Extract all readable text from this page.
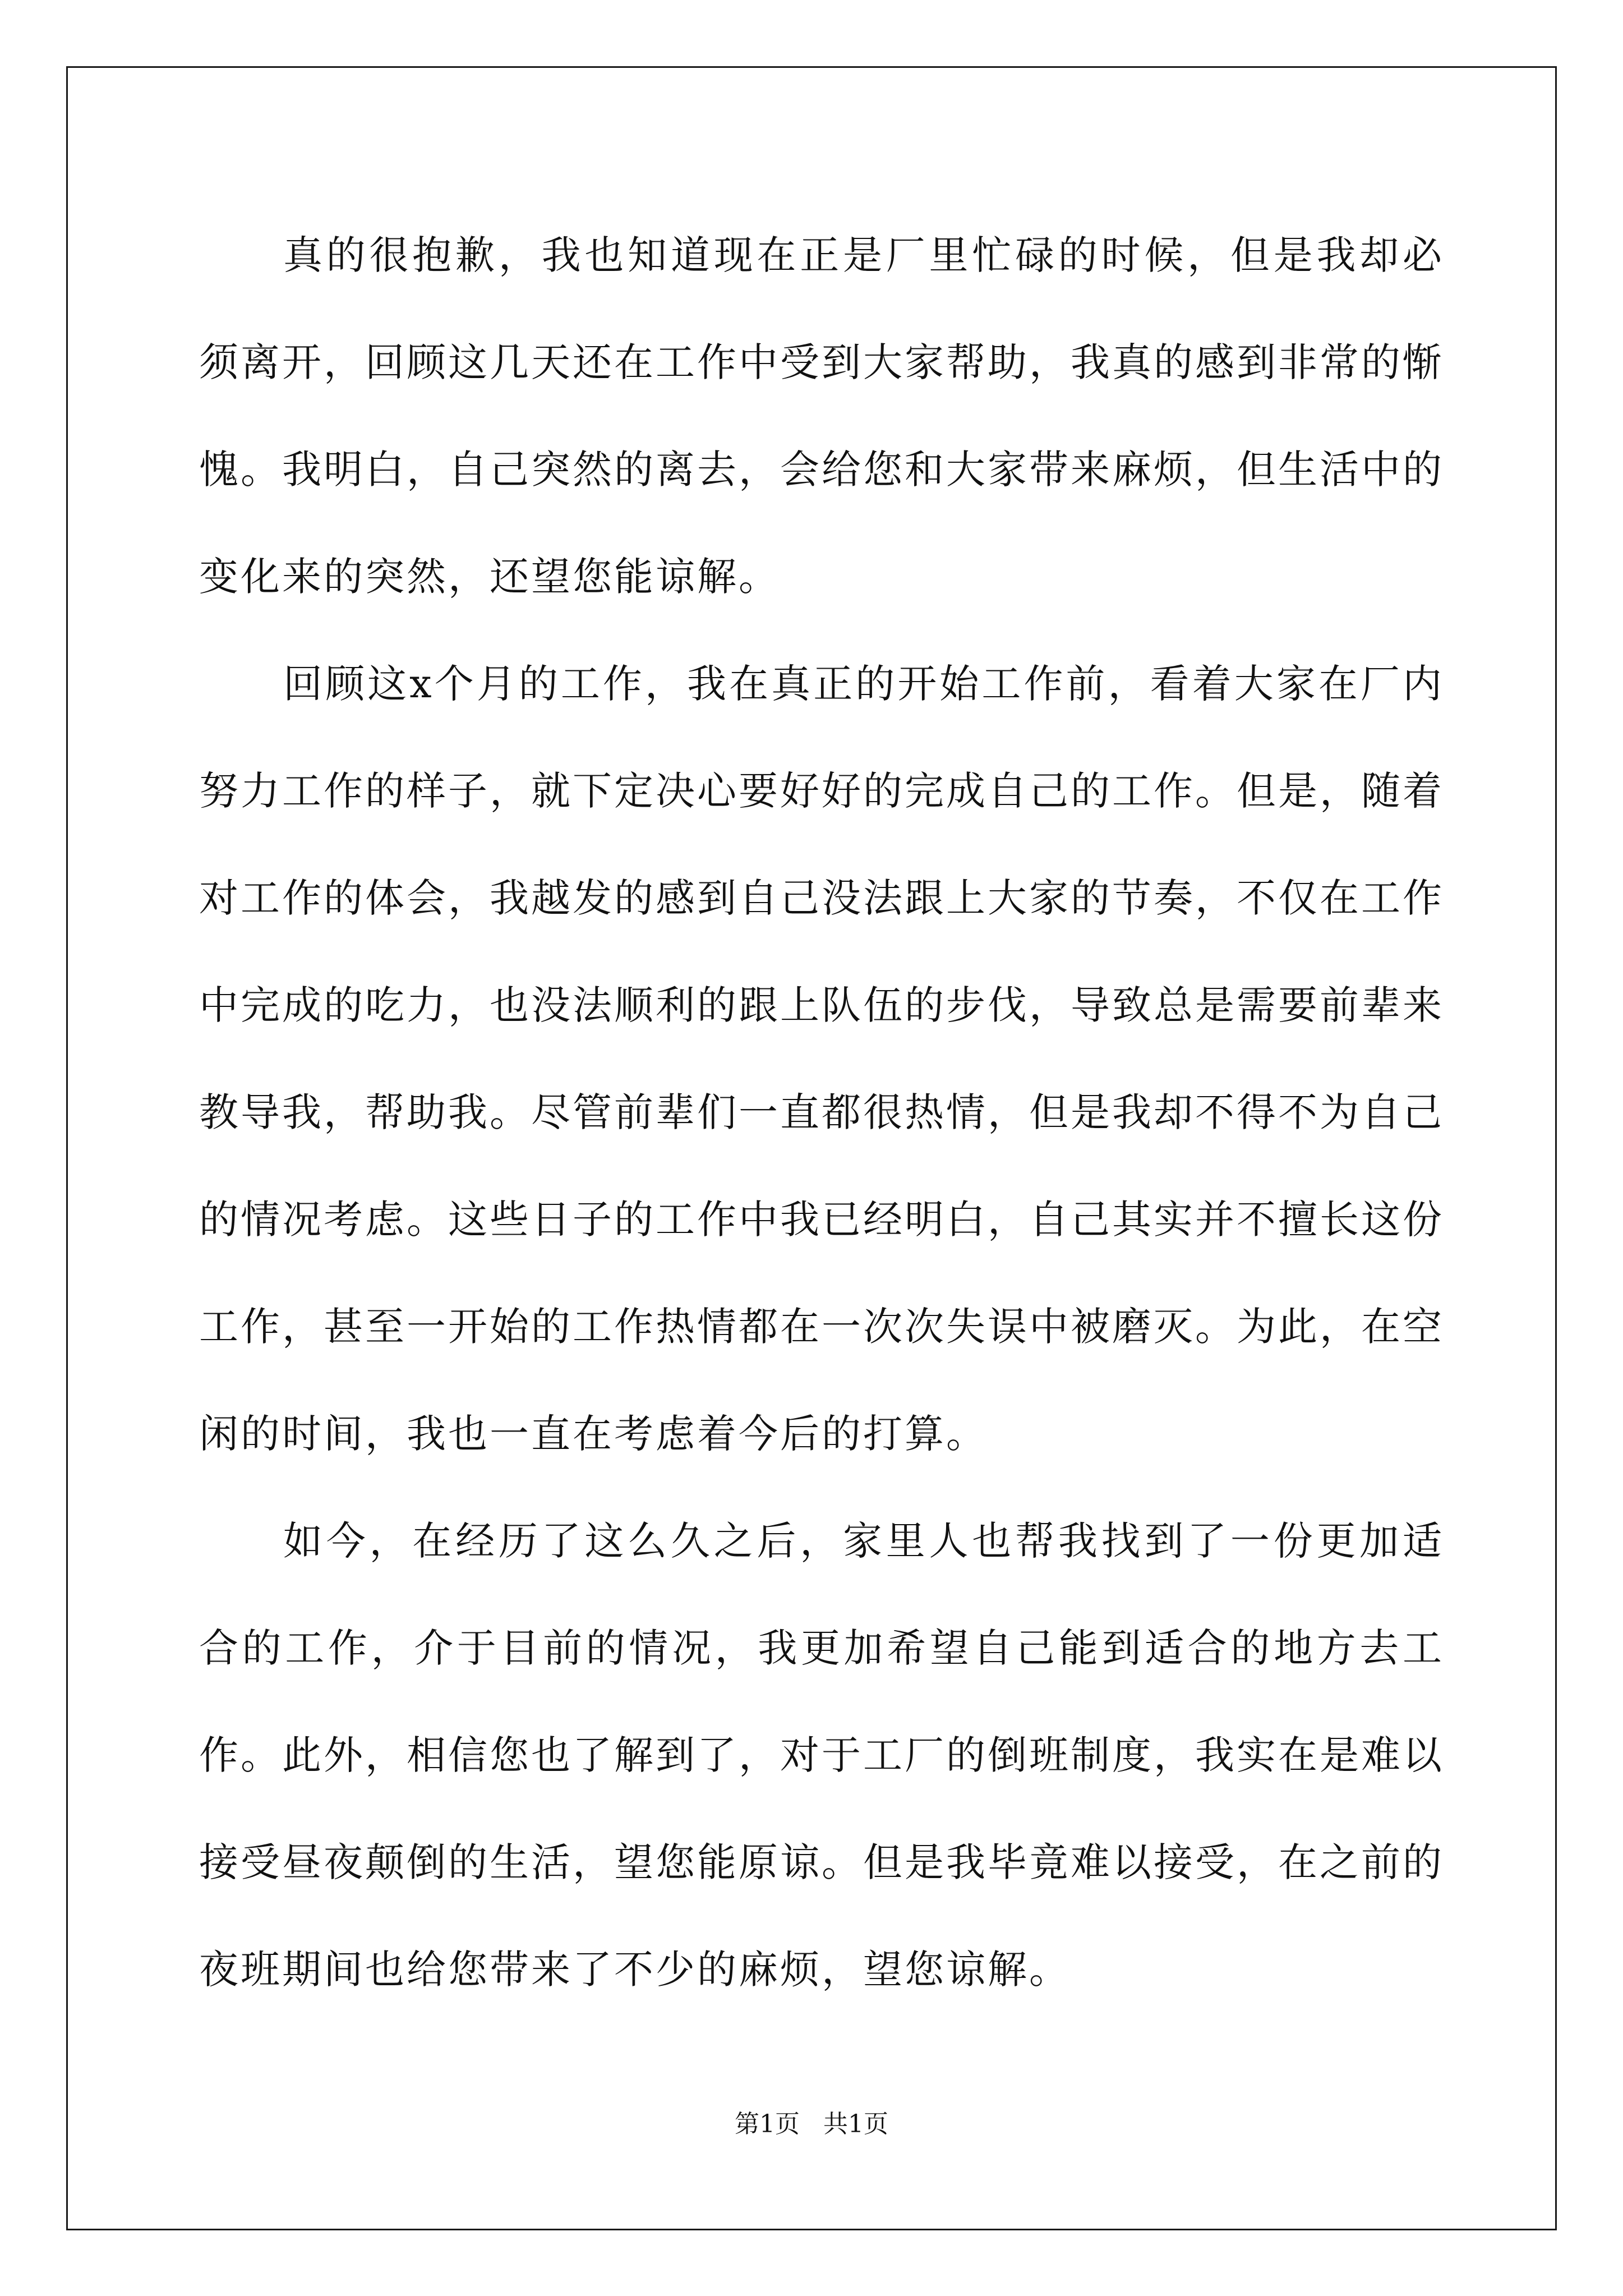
真的很抱歉，我也知道现在正是厂里忙碌的时候，但是我却必须离开，回顾这几天还在工作中受到大家帮助，我真的感到非常的惭愧。我明白，自己突然的离去，会给您和大家带来麻烦，但生活中的变化来的突然，还望您能谅解。

回顾这x个月的工作，我在真正的开始工作前，看着大家在厂内努力工作的样子，就下定决心要好好的完成自己的工作。但是，随着对工作的体会，我越发的感到自己没法跟上大家的节奏，不仅在工作中完成的吃力，也没法顺利的跟上队伍的步伐，导致总是需要前辈来教导我，帮助我。尽管前辈们一直都很热情，但是我却不得不为自己的情况考虑。这些日子的工作中我已经明白，自己其实并不擅长这份工作，甚至一开始的工作热情都在一次次失误中被磨灭。为此，在空闲的时间，我也一直在考虑着今后的打算。

如今，在经历了这么久之后，家里人也帮我找到了一份更加适合的工作，介于目前的情况，我更加希望自己能到适合的地方去工作。此外，相信您也了解到了，对于工厂的倒班制度，我实在是难以接受昼夜颠倒的生活，望您能原谅。但是我毕竟难以接受，在之前的夜班期间也给您带来了不少的麻烦，望您谅解。

第1页 共1页
